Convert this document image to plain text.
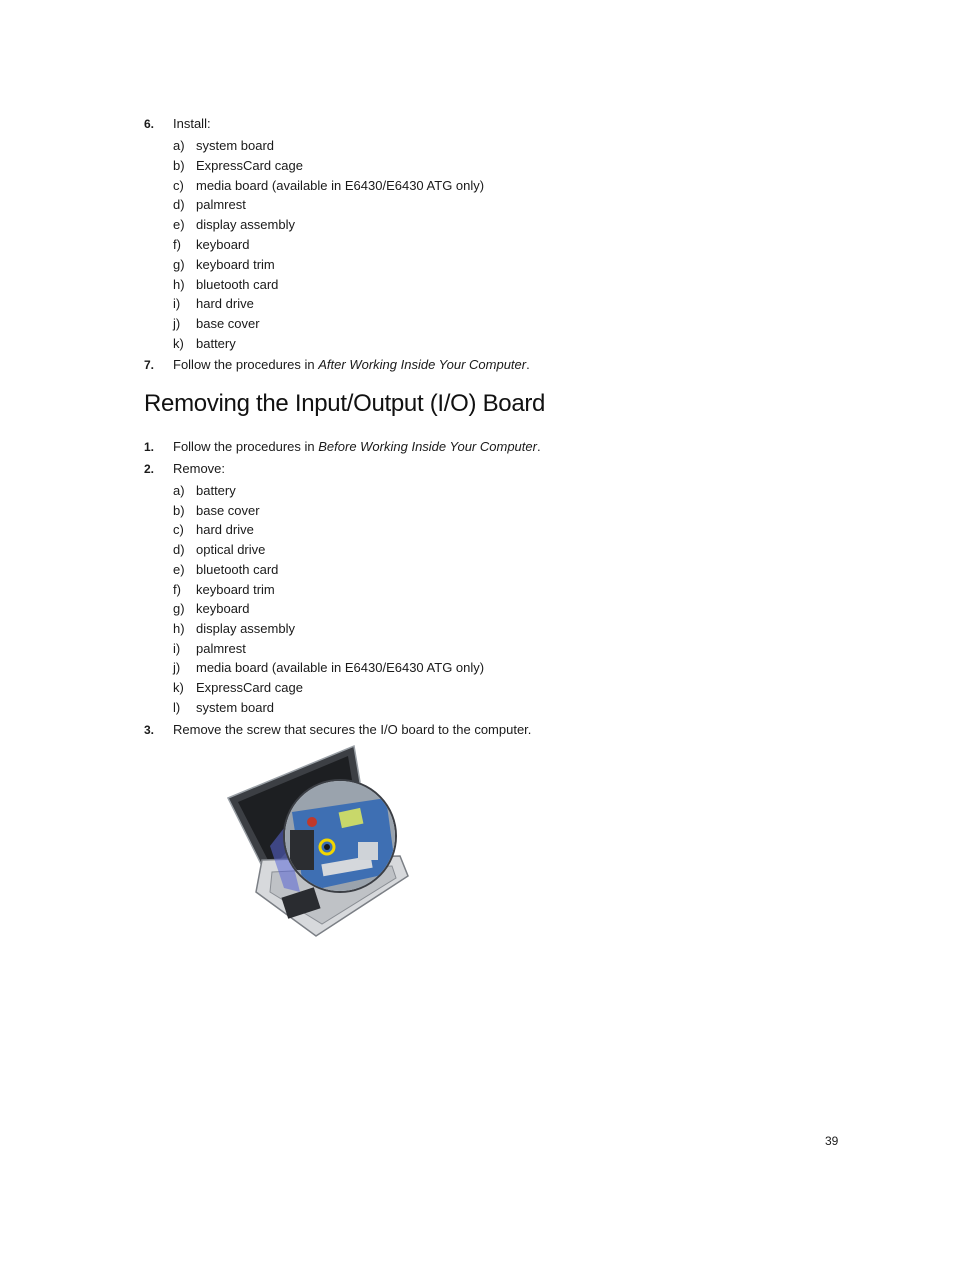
6. Install:
a) system board
b) ExpressCard cage
c) media board (available in E6430/E6430 ATG only)
d) palmrest
e) display assembly
f) keyboard
g) keyboard trim
h) bluetooth card
i) hard drive
j) base cover
k) battery
7. Follow the procedures in After Working Inside Your Computer.
Removing the Input/Output (I/O) Board
1. Follow the procedures in Before Working Inside Your Computer.
2. Remove:
a) battery
b) base cover
c) hard drive
d) optical drive
e) bluetooth card
f) keyboard trim
g) keyboard
h) display assembly
i) palmrest
j) media board (available in E6430/E6430 ATG only)
k) ExpressCard cage
l) system board
3. Remove the screw that secures the I/O board to the computer.
39
